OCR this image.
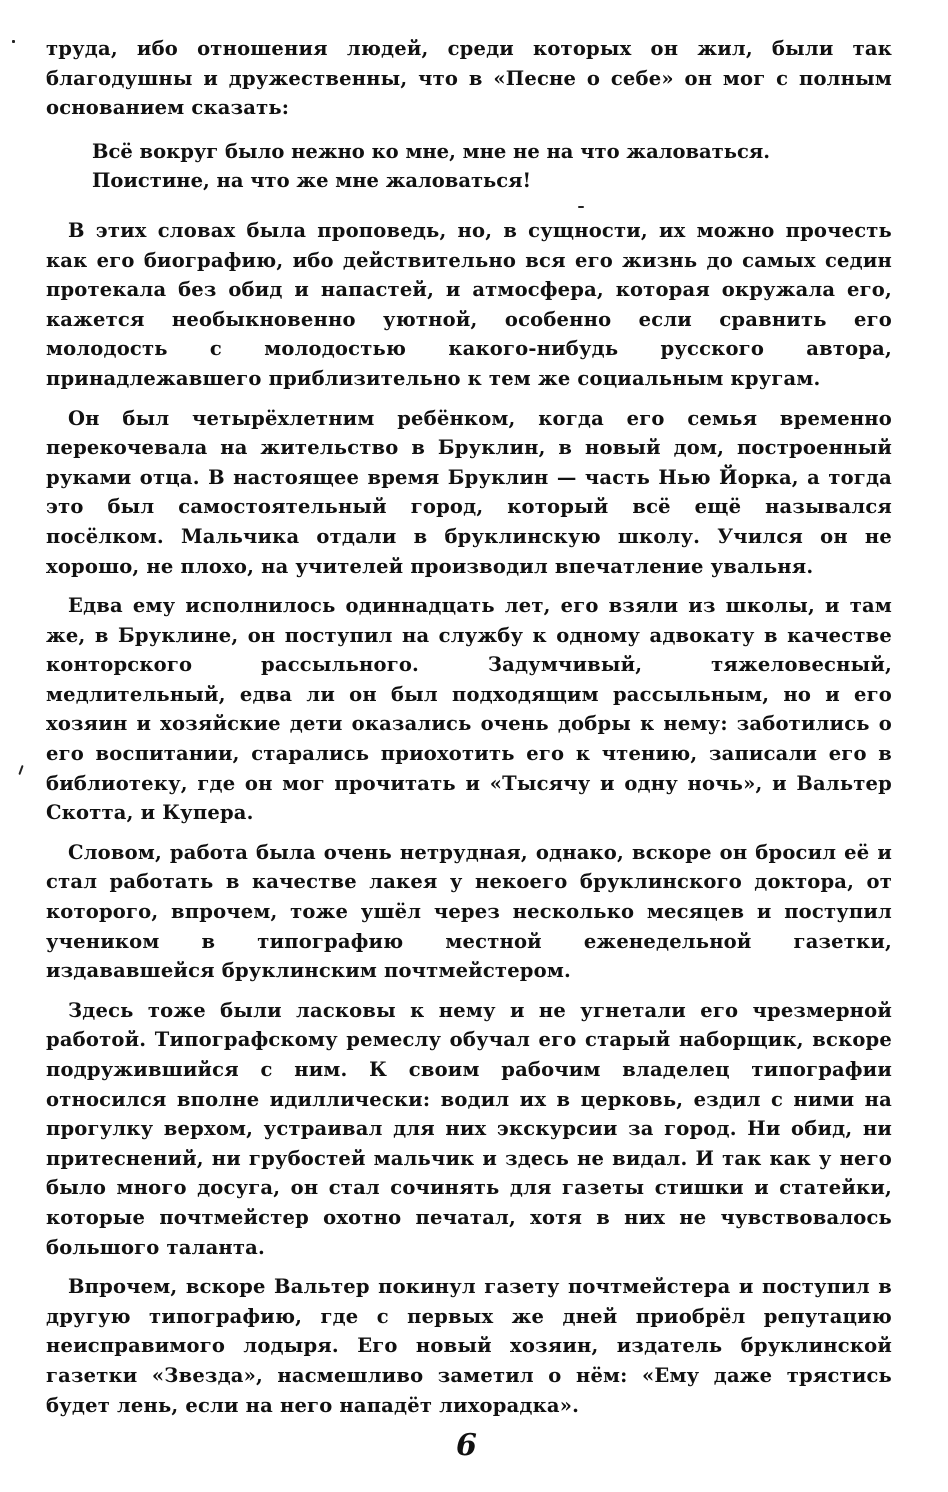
труда, ибо отношения людей, среди которых он жил, были так благодушны и дружественны, что в «Песне о себе» он мог с полным основанием сказать:

Всё вокруг было нежно ко мне, мне не на что жаловаться.
Поистине, на что же мне жаловаться!

В этих словах была проповедь, но, в сущности, их можно прочесть как его биографию, ибо действительно вся его жизнь до самых седин протекала без обид и напастей, и атмосфера, которая окружала его, кажется необыкновенно уютной, особенно если сравнить его молодость с молодостью какого-нибудь русского автора, принадлежавшего приблизительно к тем же социальным кругам.

Он был четырёхлетним ребёнком, когда его семья временно перекочевала на жительство в Бруклин, в новый дом, построенный руками отца. В настоящее время Бруклин — часть Нью Йорка, а тогда это был самостоятельный город, который всё ещё назывался посёлком. Мальчика отдали в бруклинскую школу. Учился он не хорошо, не плохо, на учителей производил впечатление увальня.

Едва ему исполнилось одиннадцать лет, его взяли из школы, и там же, в Бруклине, он поступил на службу к одному адвокату в качестве конторского рассыльного. Задумчивый, тяжеловесный, медлительный, едва ли он был подходящим рассыльным, но и его хозяин и хозяйские дети оказались очень добры к нему: заботились о его воспитании, старались приохотить его к чтению, записали его в библиотеку, где он мог прочитать и «Тысячу и одну ночь», и Вальтер Скотта, и Купера.

Словом, работа была очень нетрудная, однако, вскоре он бросил её и стал работать в качестве лакея у некоего бруклинского доктора, от которого, впрочем, тоже ушёл через несколько месяцев и поступил учеником в типографию местной еженедельной газетки, издававшейся бруклинским почтмейстером.

Здесь тоже были ласковы к нему и не угнетали его чрезмерной работой. Типографскому ремеслу обучал его старый наборщик, вскоре подружившийся с ним. К своим рабочим владелец типографии относился вполне идиллически: водил их в церковь, ездил с ними на прогулку верхом, устраивал для них экскурсии за город. Ни обид, ни притеснений, ни грубостей мальчик и здесь не видал. И так как у него было много досуга, он стал сочинять для газеты стишки и статейки, которые почтмейстер охотно печатал, хотя в них не чувствовалось большого таланта.

Впрочем, вскоре Вальтер покинул газету почтмейстера и поступил в другую типографию, где с первых же дней приобрёл репутацию неисправимого лодыря. Его новый хозяин, издатель бруклинской газетки «Звезда», насмешливо заметил о нём: «Ему даже трястись будет лень, если на него нападёт лихорадка».

6
